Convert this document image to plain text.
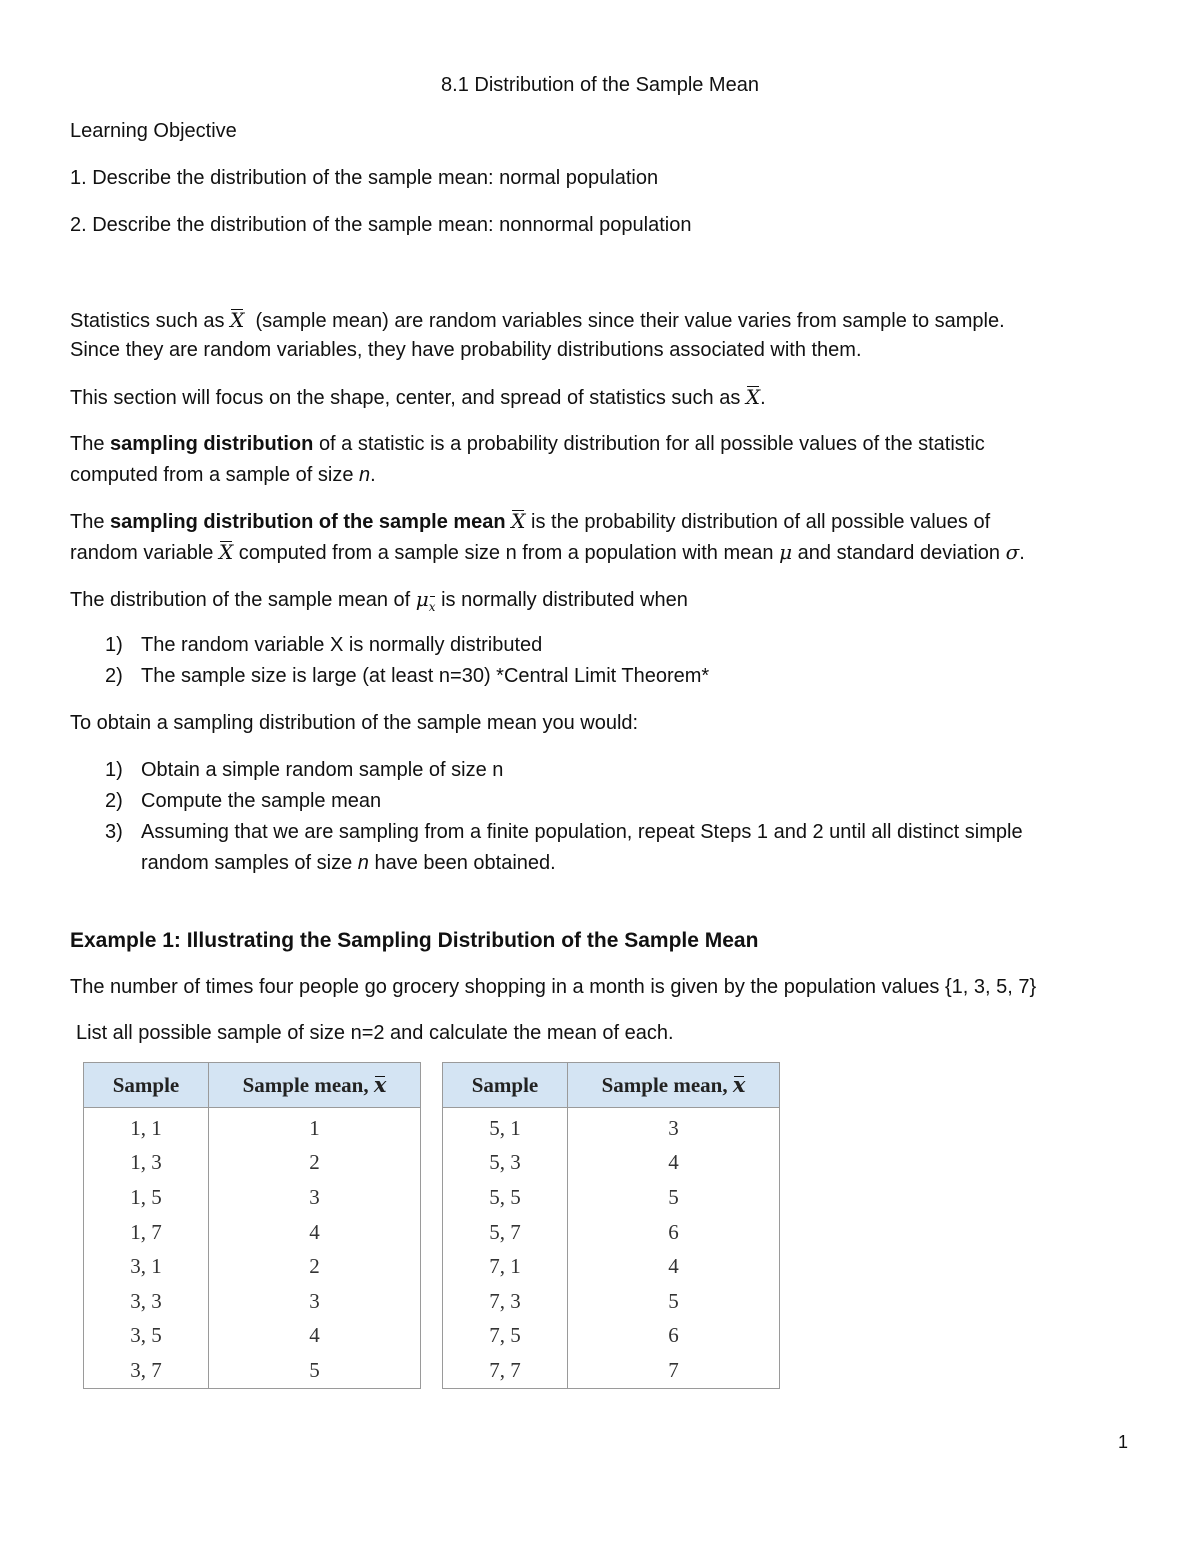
8.1 Distribution of the Sample Mean
Learning Objective
1. Describe the distribution of the sample mean: normal population
2. Describe the distribution of the sample mean: nonnormal population
Statistics such as X (sample mean) are random variables since their value varies from sample to sample.
Since they are random variables, they have probability distributions associated with them.
This section will focus on the shape, center, and spread of statistics such as X.
The sampling distribution of a statistic is a probability distribution for all possible values of the statistic
computed from a sample of size n.
The sampling distribution of the sample mean X is the probability distribution of all possible values of
random variable X computed from a sample size n from a population with mean μ and standard deviation σ.
The distribution of the sample mean of $\mu_x$ is normally distributed when
1) The random variable X is normally distributed
2) The sample size is large (at least n=30) *Central Limit Theorem*
To obtain a sampling distribution of the sample mean you would:
1) Obtain a simple random sample of size n
2) Compute the sample mean
3) Assuming that we are sampling from a finite population, repeat Steps 1 and 2 until all distinct simple
random samples of size n have been obtained.
Example 1: Illustrating the Sampling Distribution of the Sample Mean
The number of times four people go grocery shopping in a month is given by the population values {1, 3, 5, 7}
List all possible sample of size n=2 and calculate the mean of each.
Sample	Sample mean, x
1, 1	1
1, 3	2
1, 5	3
1, 7	4
3, 1	2
3, 3	3
3, 5	4
3, 7	5
Sample	Sample mean, x
5, 1	3
5, 3	4
5, 5	5
5, 7	6
7, 1	4
7, 3	5
7, 5	6
7, 7	7
1
